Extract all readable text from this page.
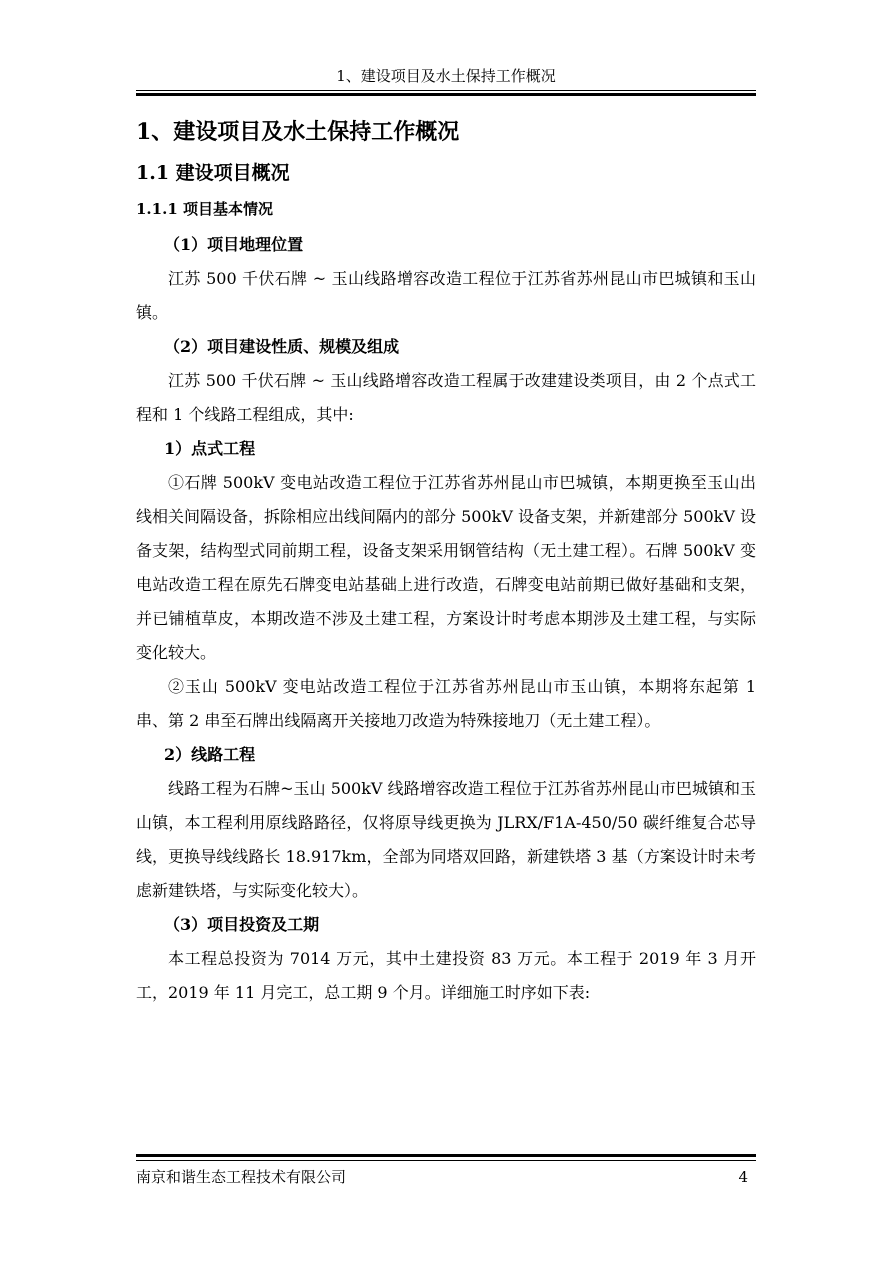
1、建设项目及水土保持工作概况
1、建设项目及水土保持工作概况
1.1 建设项目概况
1.1.1 项目基本情况
（1）项目地理位置

江苏 500 千伏石牌 ~ 玉山线路增容改造工程位于江苏省苏州昆山市巴城镇和玉山镇。

（2）项目建设性质、规模及组成

江苏 500 千伏石牌 ~ 玉山线路增容改造工程属于改建建设类项目，由 2 个点式工程和 1 个线路工程组成，其中:

1）点式工程

①石牌 500kV 变电站改造工程位于江苏省苏州昆山市巴城镇，本期更换至玉山出线相关间隔设备，拆除相应出线间隔内的部分 500kV 设备支架，并新建部分 500kV 设备支架，结构型式同前期工程，设备支架采用钢管结构（无土建工程）。石牌 500kV 变电站改造工程在原先石牌变电站基础上进行改造，石牌变电站前期已做好基础和支架，并已铺植草皮，本期改造不涉及土建工程，方案设计时考虑本期涉及土建工程，与实际变化较大。

②玉山 500kV 变电站改造工程位于江苏省苏州昆山市玉山镇，本期将东起第 1 串、第 2 串至石牌出线隔离开关接地刀改造为特殊接地刀（无土建工程）。

2）线路工程

线路工程为石牌~玉山 500kV 线路增容改造工程位于江苏省苏州昆山市巴城镇和玉山镇，本工程利用原线路路径，仅将原导线更换为 JLRX/F1A-450/50 碳纤维复合芯导线，更换导线线路长 18.917km，全部为同塔双回路，新建铁塔 3 基（方案设计时未考虑新建铁塔，与实际变化较大）。

（3）项目投资及工期

本工程总投资为 7014 万元，其中土建投资 83 万元。本工程于 2019 年 3 月开工，2019 年 11 月完工，总工期 9 个月。详细施工时序如下表:

南京和谐生态工程技术有限公司	4
